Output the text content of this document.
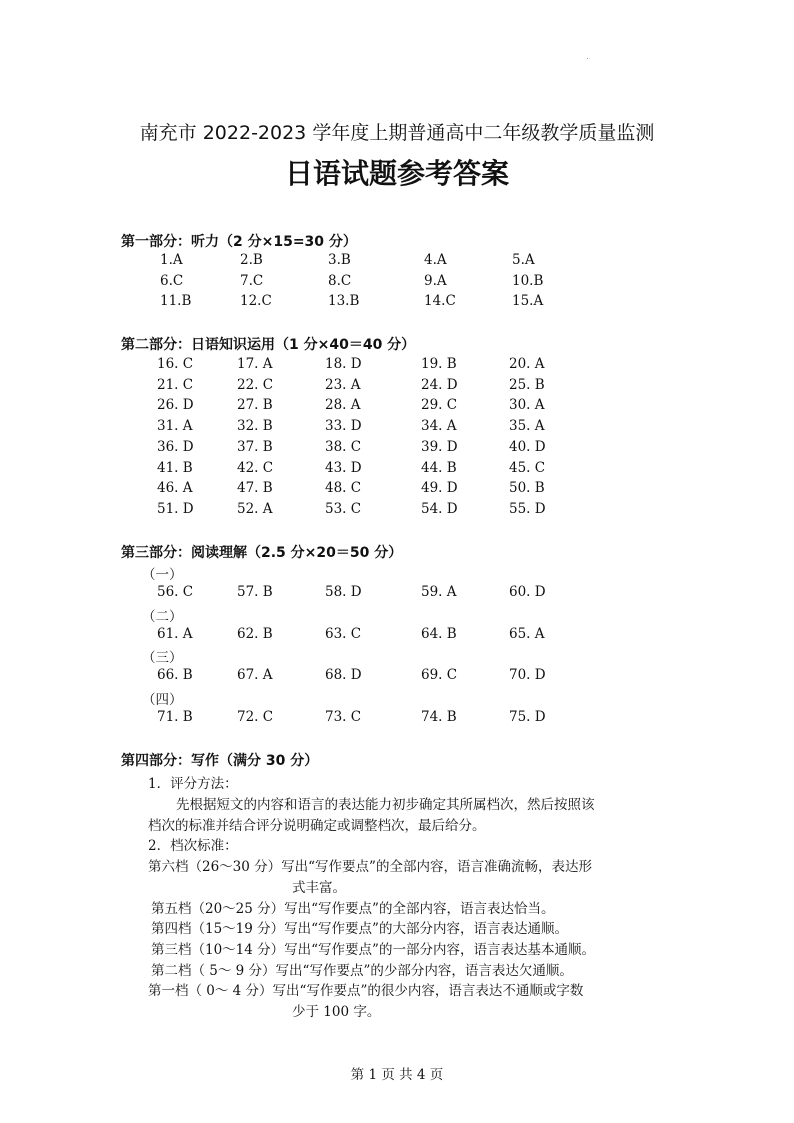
南充市 2022-2023 学年度上期普通高中二年级教学质量监测
日语试题参考答案
第一部分：听力（2 分×15=30 分）
1.A	2.B	3.B	4.A	5.A
6.C	7.C	8.C	9.A	10.B
11.B	12.C	13.B	14.C	15.A
第二部分：日语知识运用（1 分×40＝40 分）
16. C	17. A	18. D	19. B	20. A
21. C	22. C	23. A	24. D	25. B
26. D	27. B	28. A	29. C	30. A
31. A	32. B	33. D	34. A	35. A
36. D	37. B	38. C	39. D	40. D
41. B	42. C	43. D	44. B	45. C
46. A	47. B	48. C	49. D	50. B
51. D	52. A	53. C	54. D	55. D
第三部分：阅读理解（2.5 分×20＝50 分）
（一）
56. C	57. B	58. D	59. A	60. D
（二）
61. A	62. B	63. C	64. B	65. A
（三）
66. B	67. A	68. D	69. C	70. D
（四）
71. B	72. C	73. C	74. B	75. D
第四部分：写作（满分 30 分）
1．评分方法：
先根据短文的内容和语言的表达能力初步确定其所属档次，然后按照该
档次的标准并结合评分说明确定或调整档次，最后给分。
2．档次标准：
第六档（26～30 分）写出“写作要点”的全部内容，语言准确流畅，表达形
式丰富。
第五档（20～25 分）写出“写作要点”的全部内容，语言表达恰当。
第四档（15～19 分）写出“写作要点”的大部分内容，语言表达通顺。
第三档（10～14 分）写出“写作要点”的一部分内容，语言表达基本通顺。
第二档（ 5～ 9 分）写出“写作要点”的少部分内容，语言表达欠通顺。
第一档（ 0～ 4 分）写出“写作要点”的很少内容，语言表达不通顺或字数
少于 100 字。
第 1 页 共 4 页
